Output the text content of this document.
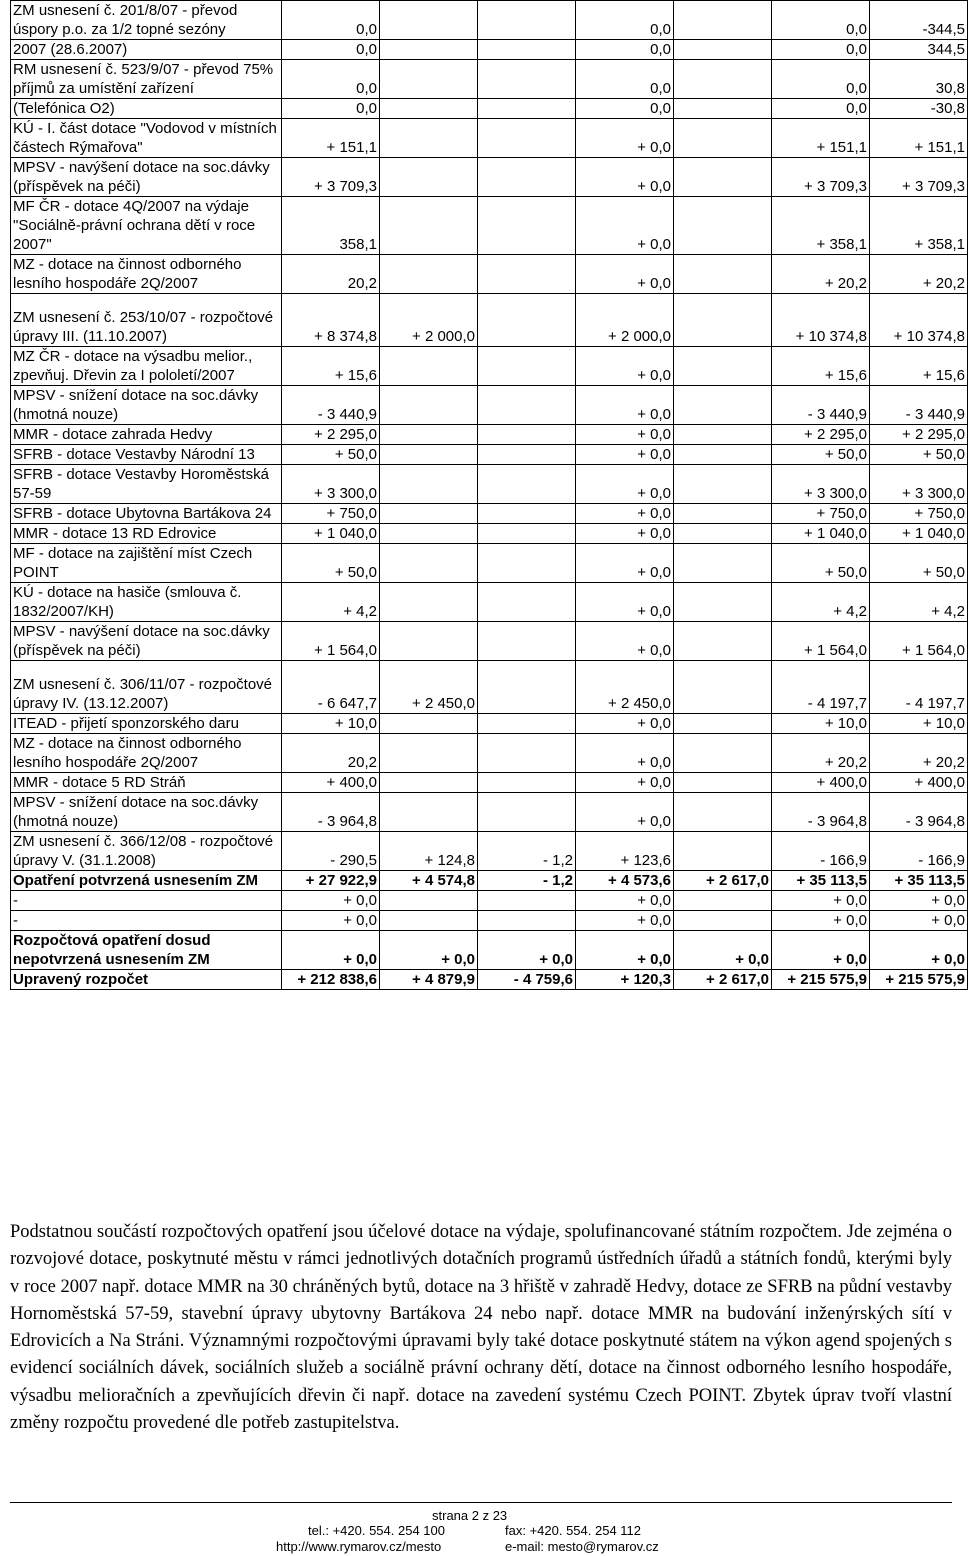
ZM usnesení č. 201/8/07 - převod úspory p.o. za 1/2 topné sezóny	0,0			0,0		0,0	-344,5
2007 (28.6.2007)	0,0			0,0		0,0	344,5
RM usnesení č. 523/9/07 - převod 75% příjmů za umístění zařízení	0,0			0,0		0,0	30,8
(Telefónica O2)	0,0			0,0		0,0	-30,8
KÚ - I. část dotace "Vodovod v místních částech Rýmařova"	+ 151,1			+ 0,0		+ 151,1	+ 151,1
MPSV - navýšení dotace na soc.dávky (příspěvek na péči)	+ 3 709,3			+ 0,0		+ 3 709,3	+ 3 709,3
MF ČR - dotace 4Q/2007 na výdaje "Sociálně-právní ochrana dětí v roce 2007"	358,1			+ 0,0		+ 358,1	+ 358,1
MZ - dotace na činnost odborného lesního hospodáře 2Q/2007	20,2			+ 0,0		+ 20,2	+ 20,2
ZM usnesení č. 253/10/07 - rozpočtové úpravy III. (11.10.2007)	+ 8 374,8	+ 2 000,0		+ 2 000,0		+ 10 374,8	+ 10 374,8
MZ ČR - dotace na výsadbu melior., zpevňuj. Dřevin za I pololetí/2007	+ 15,6			+ 0,0		+ 15,6	+ 15,6
MPSV - snížení dotace na soc.dávky (hmotná nouze)	- 3 440,9			+ 0,0		- 3 440,9	- 3 440,9
MMR - dotace zahrada Hedvy	+ 2 295,0			+ 0,0		+ 2 295,0	+ 2 295,0
SFRB - dotace Vestavby Národní 13	+ 50,0			+ 0,0		+ 50,0	+ 50,0
SFRB - dotace Vestavby Horoměstská 57-59	+ 3 300,0			+ 0,0		+ 3 300,0	+ 3 300,0
SFRB - dotace Ubytovna Bartákova 24	+ 750,0			+ 0,0		+ 750,0	+ 750,0
MMR - dotace 13 RD Edrovice	+ 1 040,0			+ 0,0		+ 1 040,0	+ 1 040,0
MF - dotace na zajištění míst Czech POINT	+ 50,0			+ 0,0		+ 50,0	+ 50,0
KÚ - dotace na hasiče (smlouva č. 1832/2007/KH)	+ 4,2			+ 0,0		+ 4,2	+ 4,2
MPSV - navýšení dotace na soc.dávky (příspěvek na péči)	+ 1 564,0			+ 0,0		+ 1 564,0	+ 1 564,0
ZM usnesení č. 306/11/07 - rozpočtové úpravy IV. (13.12.2007)	- 6 647,7	+ 2 450,0		+ 2 450,0		- 4 197,7	- 4 197,7
ITEAD - přijetí sponzorského daru	+ 10,0			+ 0,0		+ 10,0	+ 10,0
MZ - dotace na činnost odborného lesního hospodáře 2Q/2007	20,2			+ 0,0		+ 20,2	+ 20,2
MMR - dotace 5 RD Stráň	+ 400,0			+ 0,0		+ 400,0	+ 400,0
MPSV - snížení dotace na soc.dávky (hmotná nouze)	- 3 964,8			+ 0,0		- 3 964,8	- 3 964,8
ZM usnesení č. 366/12/08 - rozpočtové úpravy V. (31.1.2008)	- 290,5	+ 124,8	- 1,2	+ 123,6		- 166,9	- 166,9
Opatření potvrzená usnesením ZM	+ 27 922,9	+ 4 574,8	- 1,2	+ 4 573,6	+ 2 617,0	+ 35 113,5	+ 35 113,5
-	+ 0,0			+ 0,0		+ 0,0	+ 0,0
-	+ 0,0			+ 0,0		+ 0,0	+ 0,0
Rozpočtová opatření dosud nepotvrzená usnesením ZM	+ 0,0	+ 0,0	+ 0,0	+ 0,0	+ 0,0	+ 0,0	+ 0,0
Upravený rozpočet	+ 212 838,6	+ 4 879,9	- 4 759,6	+ 120,3	+ 2 617,0	+ 215 575,9	+ 215 575,9

Podstatnou součástí rozpočtových opatření jsou účelové dotace na výdaje, spolufinancované státním rozpočtem. Jde zejména o rozvojové dotace, poskytnuté městu v rámci jednotlivých dotačních programů ústředních úřadů a státních fondů, kterými byly v roce 2007 např. dotace MMR na 30 chráněných bytů, dotace na 3 hřiště v zahradě Hedvy, dotace ze SFRB na půdní vestavby Hornoměstská 57-59, stavební úpravy ubytovny Bartákova 24 nebo např. dotace MMR na budování inženýrských sítí v Edrovicích a Na Stráni. Významnými rozpočtovými úpravami byly také dotace poskytnuté státem na výkon agend spojených s evidencí sociálních dávek, sociálních služeb a sociálně právní ochrany dětí, dotace na činnost odborného lesního hospodáře, výsadbu melioračních a zpevňujících dřevin či např. dotace na zavedení systému Czech POINT. Zbytek úprav tvoří vlastní změny rozpočtu provedené dle potřeb zastupitelstva.

strana 2 z 23
tel.: +420. 554. 254 100	fax: +420. 554. 254 112
http://www.rymarov.cz/mesto	e-mail: mesto@rymarov.cz
